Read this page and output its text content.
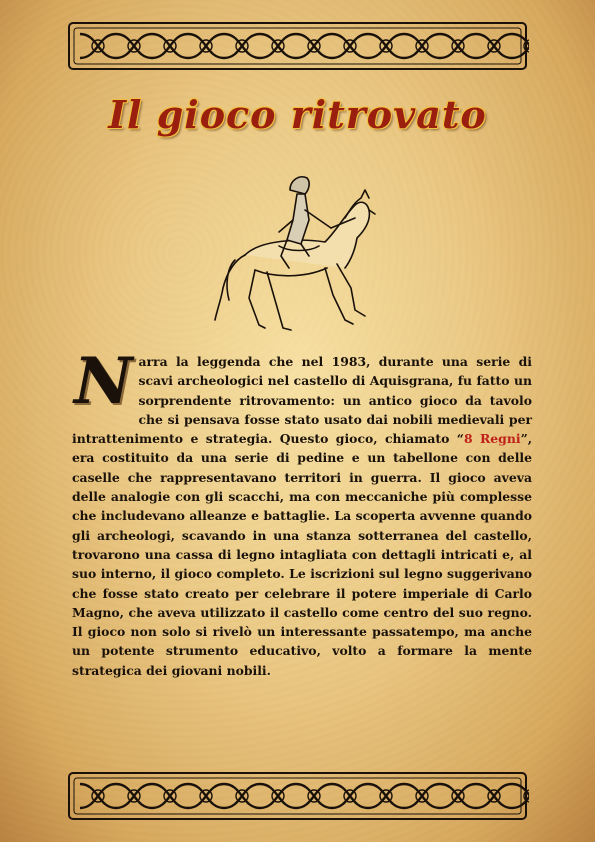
Il gioco ritrovato
Narra la leggenda che nel 1983, durante una serie di scavi archeologici nel castello di Aquisgrana, fu fatto un sorprendente ritrovamento: un antico gioco da tavolo che si pensava fosse stato usato dai nobili medievali per intrattenimento e strategia. Questo gioco, chiamato “8 Regni”, era costituito da una serie di pedine e un tabellone con delle caselle che rappresentavano territori in guerra. Il gioco aveva delle analogie con gli scacchi, ma con meccaniche più complesse che includevano alleanze e battaglie. La scoperta avvenne quando gli archeologi, scavando in una stanza sotterranea del castello, trovarono una cassa di legno intagliata con dettagli intricati e, al suo interno, il gioco completo. Le iscrizioni sul legno suggerivano che fosse stato creato per celebrare il potere imperiale di Carlo Magno, che aveva utilizzato il castello come centro del suo regno. Il gioco non solo si rivelò un interessante passatempo, ma anche un potente strumento educativo, volto a formare la mente strategica dei giovani nobili.
